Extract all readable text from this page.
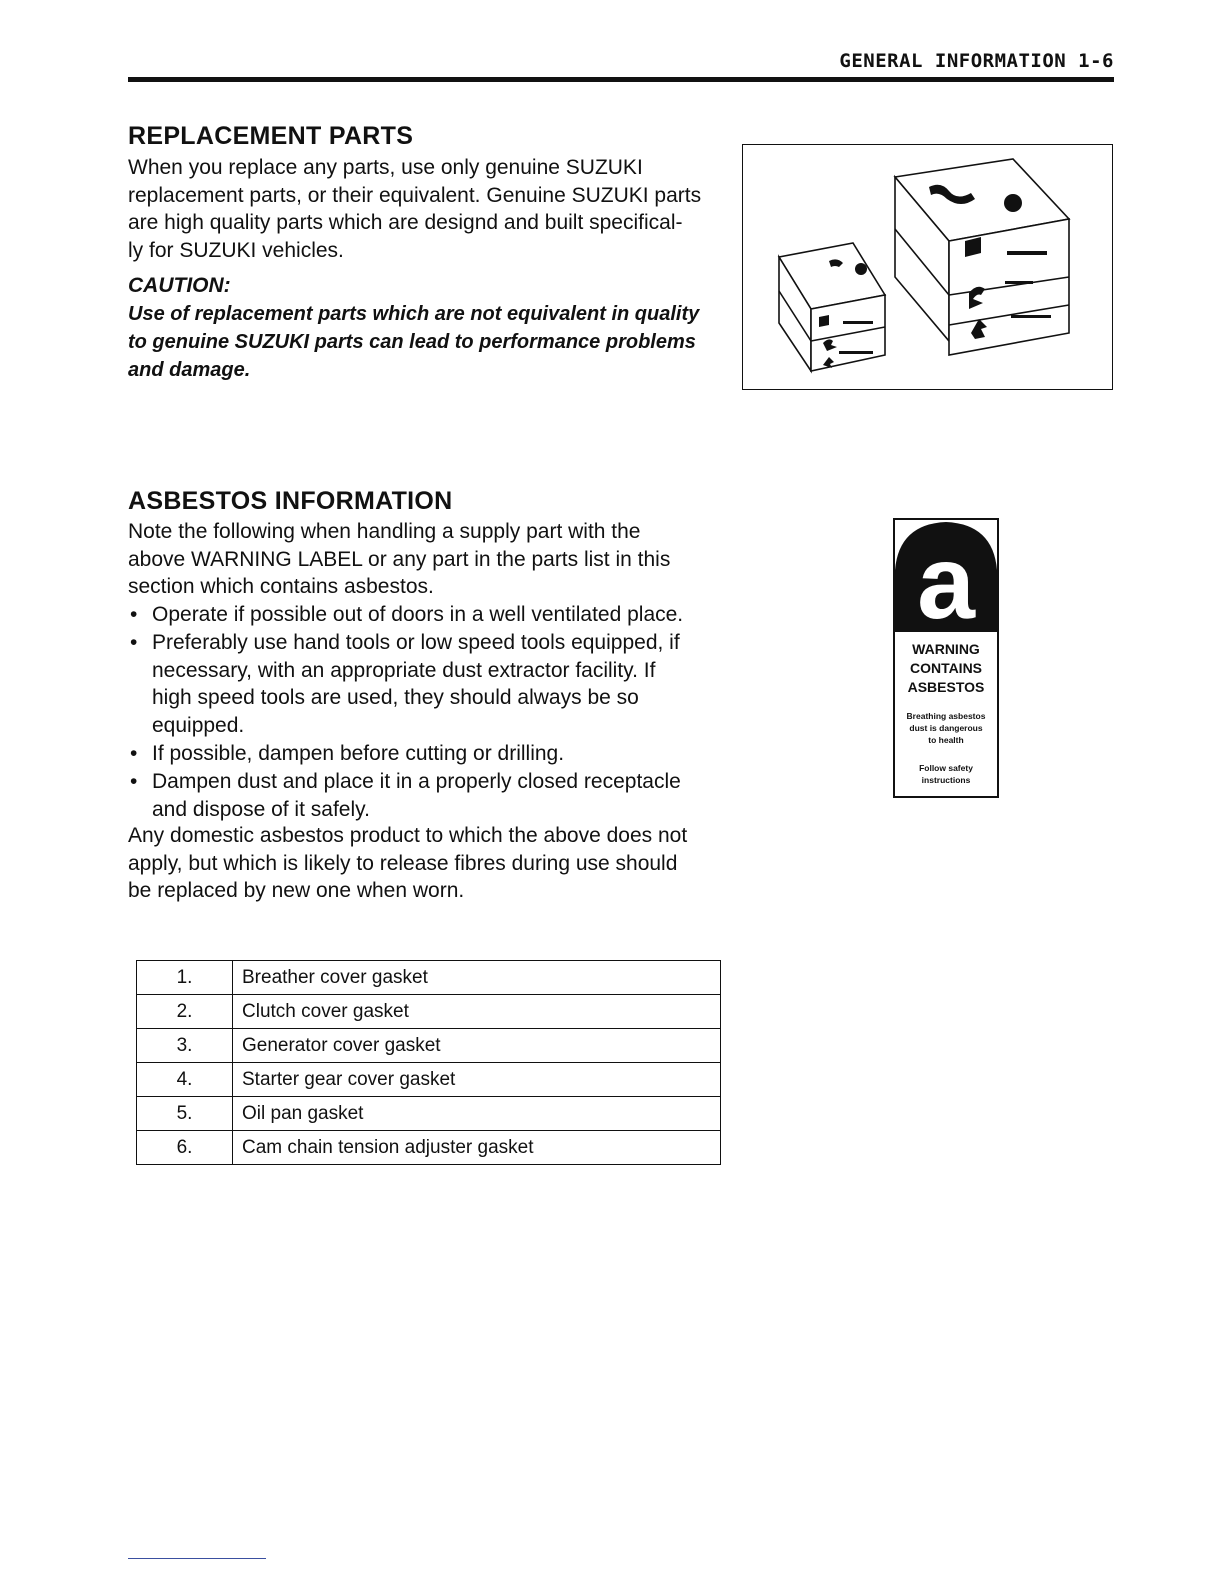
GENERAL INFORMATION 1-6
REPLACEMENT PARTS

When you replace any parts, use only genuine SUZUKI
replacement parts, or their equivalent. Genuine SUZUKI parts
are high quality parts which are designd and built specifical-
ly for SUZUKI vehicles.

CAUTION:

Use of replacement parts which are not equivalent in quality
to genuine SUZUKI parts can lead to performance problems
and damage.

ASBESTOS INFORMATION

Note the following when handling a supply part with the
above WARNING LABEL or any part in the parts list in this
section which contains asbestos.

• Operate if possible out of doors in a well ventilated place.
• Preferably use hand tools or low speed tools equipped, if
necessary, with an appropriate dust extractor facility. If
high speed tools are used, they should always be so
equipped.
• If possible, dampen before cutting or drilling.
• Dampen dust and place it in a properly closed receptacle
and dispose of it safely.

Any domestic asbestos product to which the above does not
apply, but which is likely to release fibres during use should
be replaced by new one when worn.

a
WARNING
CONTAINS
ASBESTOS
Breathing asbestos
dust is dangerous
to health
Follow safety
instructions
1.	Breather cover gasket
2.	Clutch cover gasket
3.	Generator cover gasket
4.	Starter gear cover gasket
5.	Oil pan gasket
6.	Cam chain tension adjuster gasket
